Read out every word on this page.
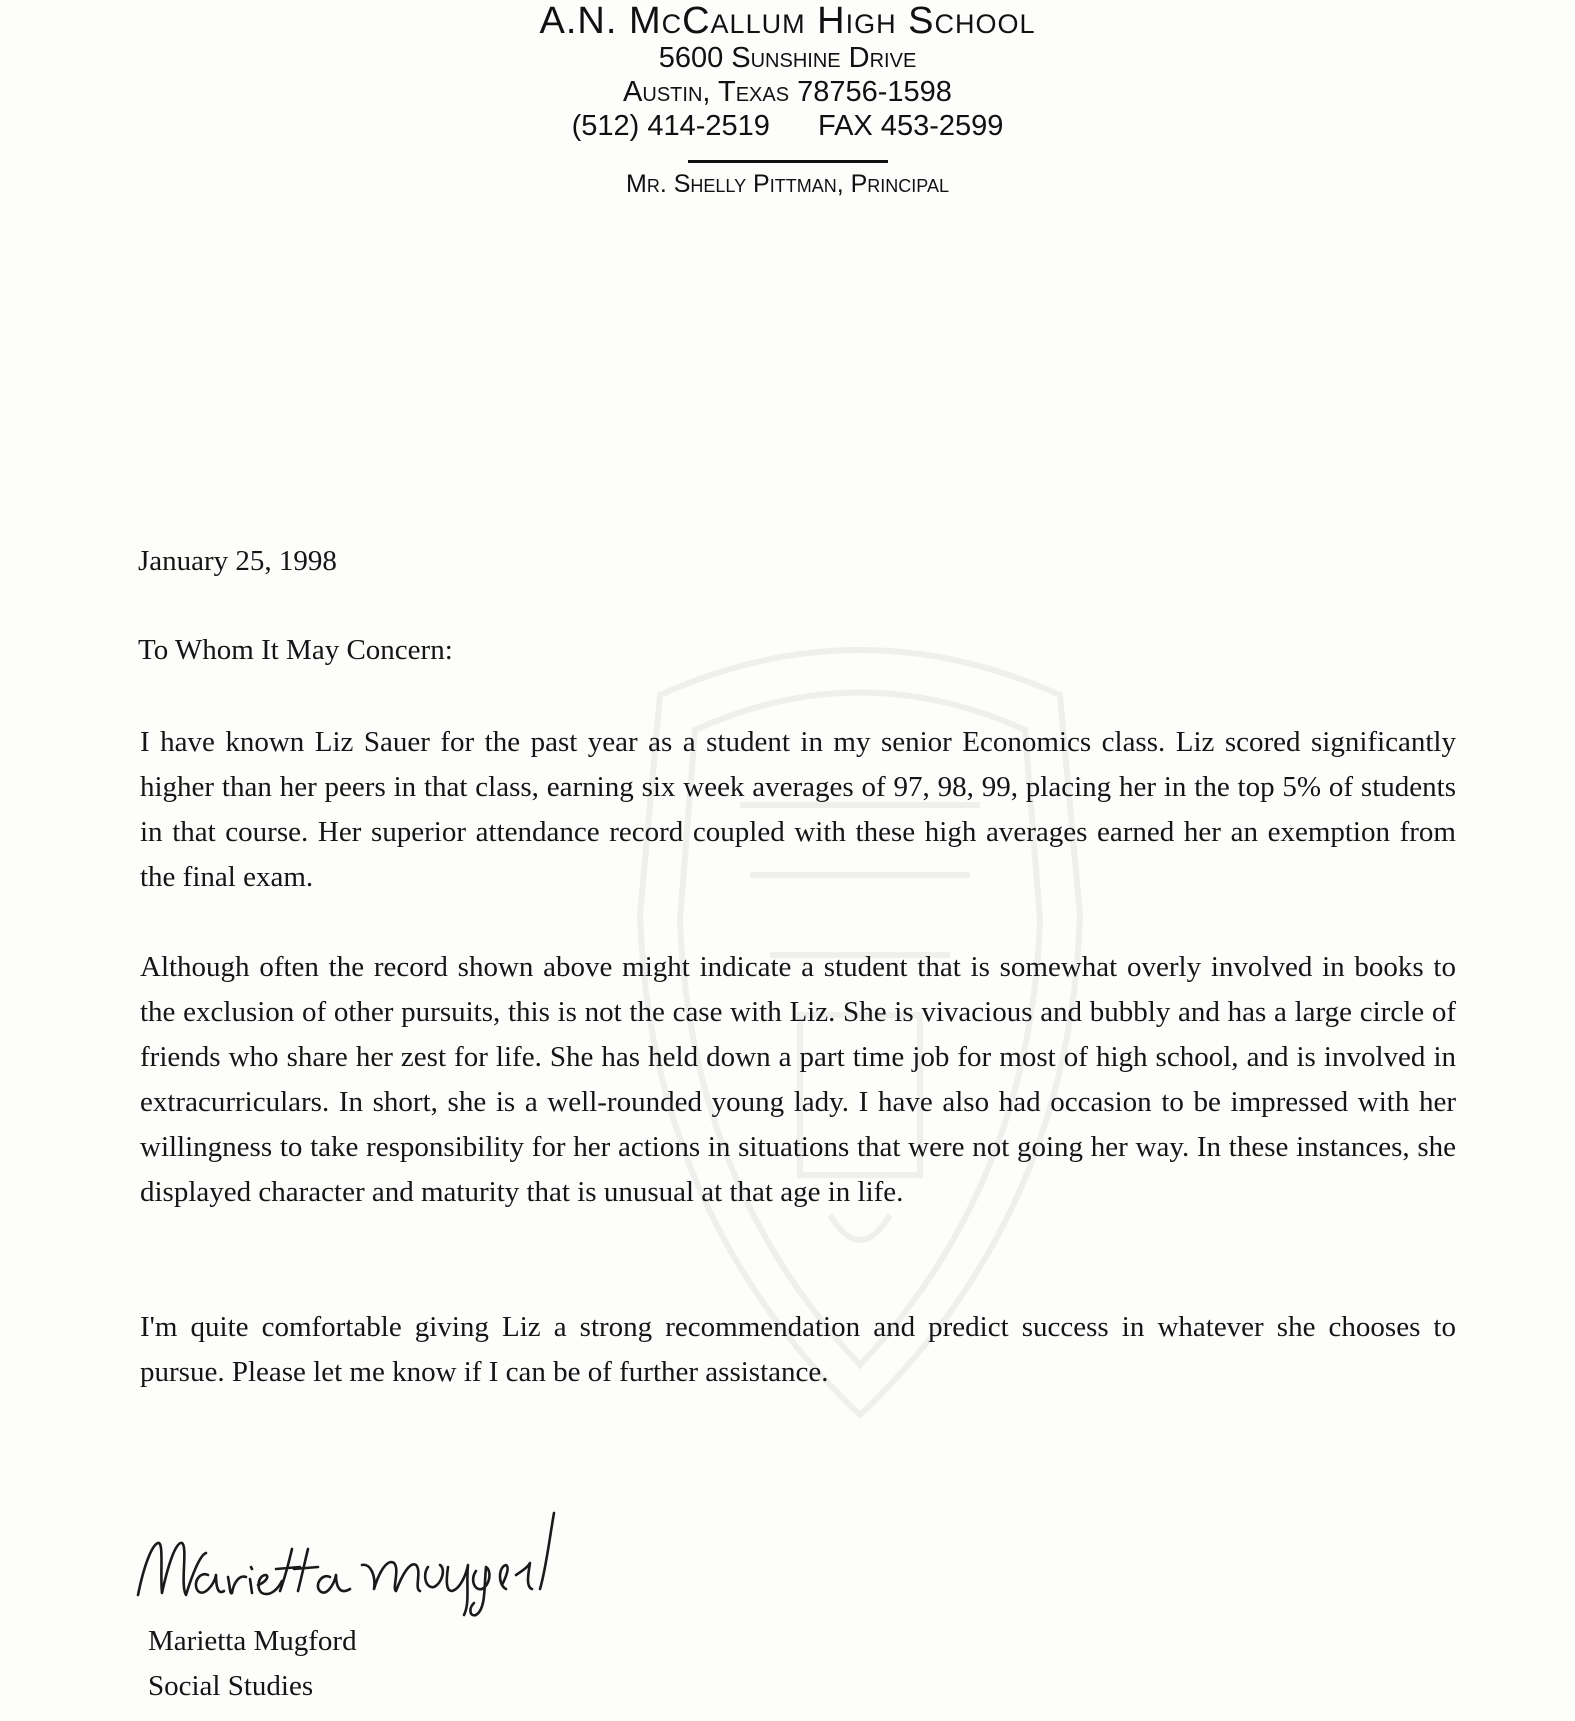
A.N. McCallum High School
5600 Sunshine Drive
Austin, Texas 78756-1598
(512) 414-2519 FAX 453-2599
Mr. Shelly Pittman, Principal
January 25, 1998
To Whom It May Concern:

I have known Liz Sauer for the past year as a student in my senior Economics class. Liz scored significantly higher than her peers in that class, earning six week averages of 97, 98, 99, placing her in the top 5% of students in that course. Her superior attendance record coupled with these high averages earned her an exemption from the final exam.

Although often the record shown above might indicate a student that is somewhat overly involved in books to the exclusion of other pursuits, this is not the case with Liz. She is vivacious and bubbly and has a large circle of friends who share her zest for life. She has held down a part time job for most of high school, and is involved in extracurriculars. In short, she is a well-rounded young lady. I have also had occasion to be impressed with her willingness to take responsibility for her actions in situations that were not going her way. In these instances, she displayed character and maturity that is unusual at that age in life.

I'm quite comfortable giving Liz a strong recommendation and predict success in whatever she chooses to pursue. Please let me know if I can be of further assistance.

Marietta Mugford
Social Studies
